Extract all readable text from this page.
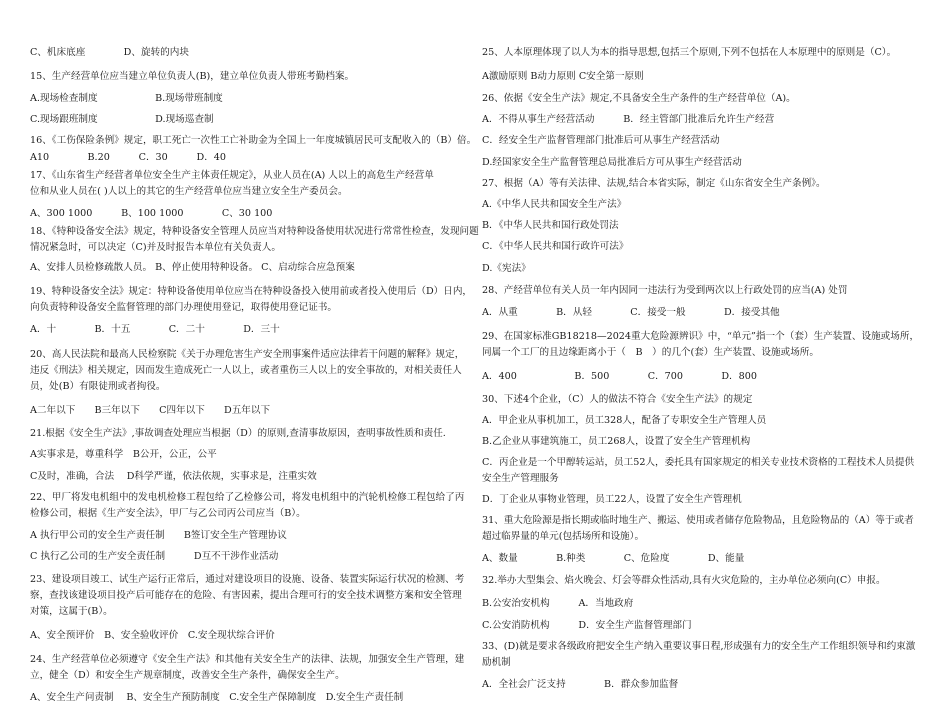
C、机床底座　　　　D、旋转的内块
15、生产经营单位应当建立单位负责人(B)，建立单位负责人带班考勤档案。
A.现场检查制度　　　　　　B.现场带班制度
C.现场跟班制度　　　　　　D.现场巡查制
16、《工伤保险条例》规定，职工死亡一次性工亡补助金为全国上一年度城镇居民可支配收入的（B）倍。
A10　　　　B.20　　　C．30　　　D．40
17、《山东省生产经营者单位安全生产主体责任规定》，从业人员在(A) 人以上的高危生产经营单
位和从业人员在( )人以上的其它的生产经营单位应当建立安全生产委员会。
A、300 1000　　　B、100 1000　　　　C、30 100
18、《特种设备安全法》规定，特种设备安全管理人员应当对特种设备使用状况进行常常性检查，发现问题
情况紧急时，可以决定（C)并及时报告本单位有关负责人。
A、安排人员检修疏散人员。 B、停止使用特种设备。 C、启动综合应急预案
19、特种设备安全法》规定：特种设备使用单位应当在特种设备投入使用前或者投入使用后（D）日内，
向负责特种设备安全监督管理的部门办理使用登记，取得使用登记证书。
A．十　　　　B．十五　　　　C．二十　　　　D．三十
20、高人民法院和最高人民检察院《关于办理危害生产安全刑事案件适应法律若干问题的解释》规定，
违反《刑法》相关规定，因而发生造成死亡一人以上，或者重伤三人以上的安全事故的，对相关责任人
员，处(B）有限徒刑或者拘役。
A二年以下　　B三年以下　　C四年以下　　D五年以下
21.根据《安全生产法》,事故调查处理应当根据（D）的原则,查清事故原因，查明事故性质和责任.
A实事求是，尊重科学　B公开，公正，公平
C及时，准确，合法　 D科学严谨，依法依规，实事求是，注重实效
22、甲厂将发电机组中的发电机检修工程包给了乙检修公司，将发电机组中的汽轮机检修工程包给了丙
检修公司，根据《生产安全法》，甲厂与乙公司丙公司应当（B）。
A 执行甲公司的安全生产责任制　　B签订安全生产管理协议
C 执行乙公司的生产安全责任制　　　D互不干涉作业活动
23、建设项目竣工、试生产运行正常后，通过对建设项目的设施、设备、装置实际运行状况的检测、考
察，查找该建设项目投产后可能存在的危险、有害因素，提出合理可行的安全技术调整方案和安全管理
对策，这属于(B）。
A、安全预评价　B、安全验收评价　C.安全现状综合评价
24、生产经营单位必须遵守《安全生产法》和其他有关安全生产的法律、法规，加强安全生产管理，建
立，健全（D）和安全生产规章制度，改善安全生产条件，确保安全生产。
A、安全生产问责制　 B、安全生产预防制度　C.安全生产保障制度　D.安全生产责任制
25、人本原理体现了以人为本的指导思想,包括三个原则,下列不包括在人本原理中的原则是（C）。
A激励原则 B动力原则 C安全第一原则
26、依据《安全生产法》规定,不具备安全生产条件的生产经营单位（A)。
A．不得从事生产经营活动　　　B．经主管部门批准后允许生产经营
C．经安全生产监督管理部门批准后可从事生产经营活动
D.经国家安全生产监督管理总局批准后方可从事生产经营活动
27、根据（A）等有关法律、法规,结合本省实际，制定《山东省安全生产条例》。
A.《中华人民共和国安全生产法》
B．《中华人民共和国行政处罚法
C．《中华人民共和国行政许可法》
D.《宪法》
28、产经营单位有关人员一年内因同一违法行为受到两次以上行政处罚的应当(A) 处罚
A．从重　　　　B．从轻　　　　C．接受一般　　　　D．接受其他
29、在国家标准GB18218—2024重大危险源辨识》中，“单元”指一个（套）生产装置、设施或场所，
同属一个工厂的且边缘距离小于（　B　）的几个(套）生产装置、设施或场所。
A．400　　　　　　B．500　　　　C．700　　　　D．800
30、下述4个企业，（C）人的做法不符合《安全生产法》的规定
A．甲企业从事机加工，员工328人，配备了专职安全生产管理人员
B.乙企业从事建筑施工，员工268人，设置了安全生产管理机构
C．丙企业是一个甲醇转运站，员工52人，委托具有国家规定的相关专业技术资格的工程技术人员提供
安全生产管理服务
D．丁企业从事物业管理，员工22人，设置了安全生产管理机
31、重大危险源是指长期或临时地生产、搬运、使用或者储存危险物品，且危险物品的（A）等于或者
超过临界量的单元(包括场所和设施）。
A、数量　　　　B.种类　　　　C、危险度　　　　D、能量
32.举办大型集会、焰火晚会、灯会等群众性活动,具有火灾危险的，主办单位必须向(C）申报。
B.公安治安机构　　　A．当地政府
C.公安消防机构　　　D．安全生产监督管理部门
33、(D)就是要求各级政府把安全生产纳入重要议事日程,形成强有力的安全生产工作组织领导和约束激
励机制
A．全社会广泛支持　　　　B．群众参加监督
